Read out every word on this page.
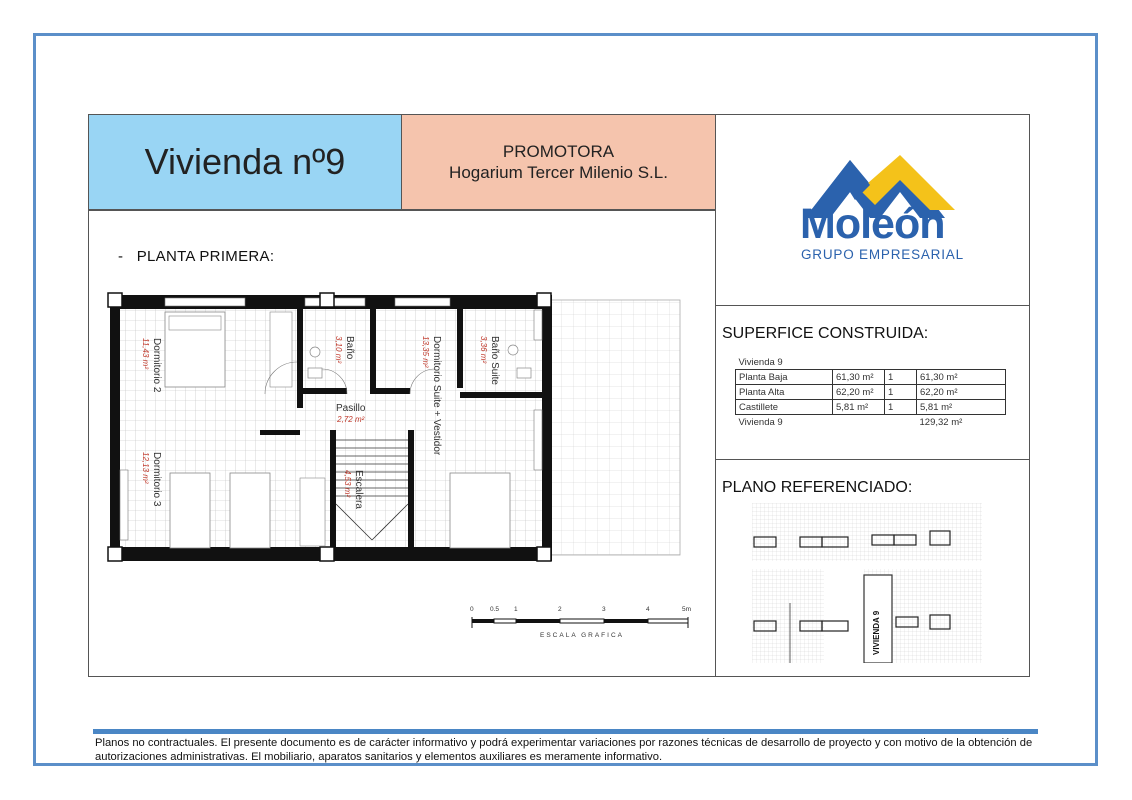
Vivienda nº9	PROMOTORA
Hogarium Tercer Milenio S.L.
Moleón
GRUPO EMPRESARIAL
- PLANTA PRIMERA:
Dormitorio 2
11,43 m²	Baño
3,10 m²	Dormitorio Suite + Vestidor
13,35 m²	Baño Suite
3,36 m²
Pasillo
2,72 m²
Dormitorio 3
12,13 m²
Escalera
4,53 m²
0	0.5 1	2	3	4	5m
ESCALA GRAFICA
SUPERFICE CONSTRUIDA:
Vivienda 9			
Planta Baja	61,30 m²	1	61,30 m²
Planta Alta	62,20 m²	1	62,20 m²
Castillete	5,81 m²	1	5,81 m²
Vivienda 9			129,32 m²
PLANO REFERENCIADO:
VIVIENDA 9
Planos no contractuales. El presente documento es de carácter informativo y podrá experimentar variaciones por razones técnicas de desarrollo de proyecto y con motivo de la obtención de autorizaciones administrativas. El mobiliario, aparatos sanitarios y elementos auxiliares es meramente informativo.
